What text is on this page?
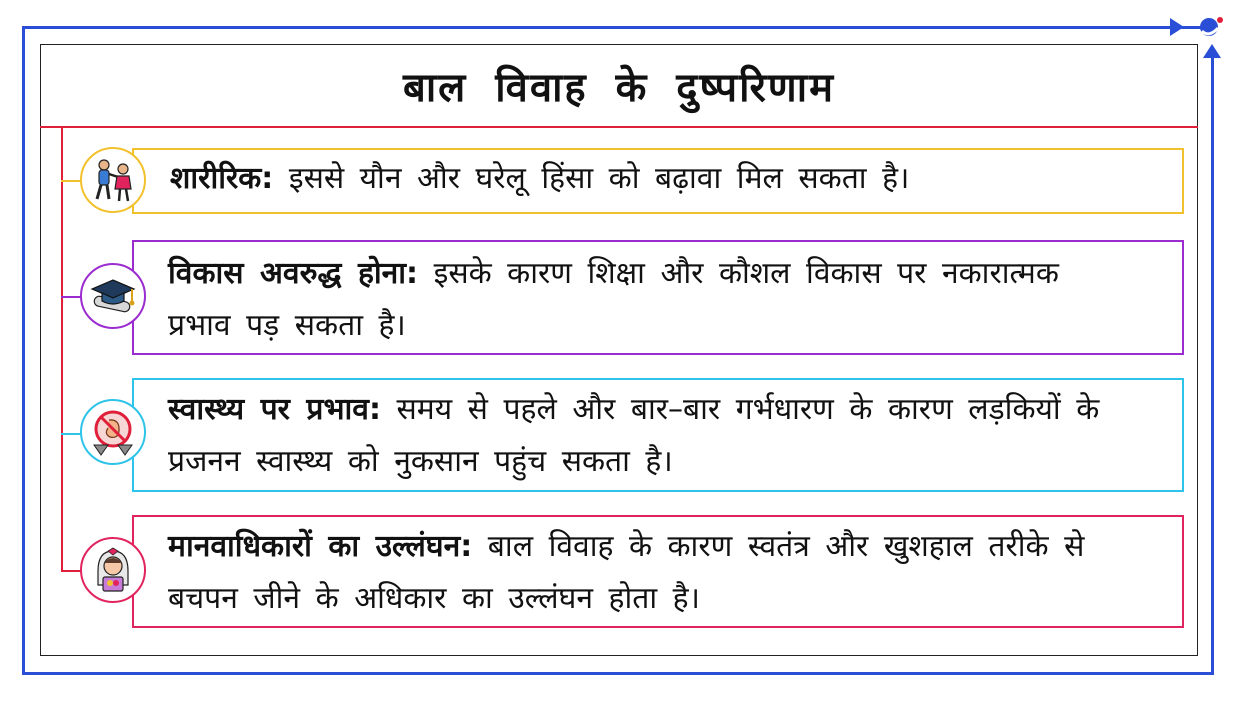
बाल विवाह के दुष्परिणाम
शारीरिक: इससे यौन और घरेलू हिंसा को बढ़ावा मिल सकता है।
विकास अवरुद्ध होना: इसके कारण शिक्षा और कौशल विकास पर नकारात्मक प्रभाव पड़ सकता है।
स्वास्थ्य पर प्रभाव: समय से पहले और बार–बार गर्भधारण के कारण लड़कियों के प्रजनन स्वास्थ्य को नुकसान पहुंच सकता है।
मानवाधिकारों का उल्लंघन: बाल विवाह के कारण स्वतंत्र और खुशहाल तरीके से बचपन जीने के अधिकार का उल्लंघन होता है।
